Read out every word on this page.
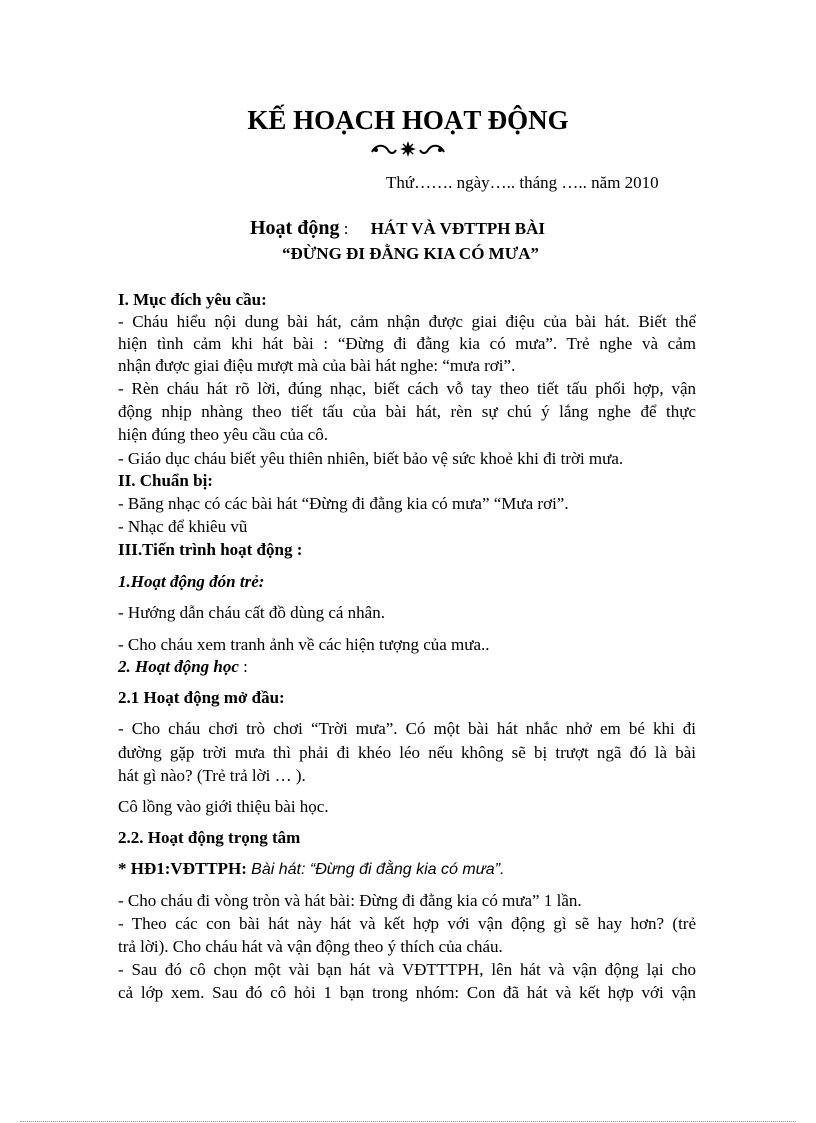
KẾ HOẠCH HOẠT ĐỘNG
Thứ……. ngày….. tháng ….. năm 2010
Hoạt động : HÁT VÀ VĐTTPH BÀI
“ĐỪNG ĐI ĐẰNG KIA CÓ MƯA”
I. Mục đích yêu cầu:
- Cháu hiểu nội dung bài hát, cảm nhận được giai điệu của bài hát. Biết thể
hiện tình cảm khi hát bài : “Đừng đi đằng kia có mưa”. Trẻ nghe và cảm
nhận được giai điệu mượt mà của bài hát nghe: “mưa rơi”.
- Rèn cháu hát rõ lời, đúng nhạc, biết cách vỗ tay theo tiết tấu phối hợp, vận
động nhịp nhàng theo tiết tấu của bài hát, rèn sự chú ý lắng nghe để thực
hiện đúng theo yêu cầu của cô.
- Giáo dục cháu biết yêu thiên nhiên, biết bảo vệ sức khoẻ khi đi trời mưa.
II. Chuẩn bị:
- Băng nhạc có các bài hát “Đừng đi đằng kia có mưa” “Mưa rơi”.
- Nhạc để khiêu vũ
III.Tiến trình hoạt động :
1.Hoạt động đón trẻ:
- Hướng dẫn cháu cất đồ dùng cá nhân.
- Cho cháu xem tranh ảnh về các hiện tượng của mưa..
2. Hoạt động học :
2.1 Hoạt động mở đầu:
- Cho cháu chơi trò chơi “Trời mưa”. Có một bài hát nhắc nhở em bé khi đi
đường gặp trời mưa thì phải đi khéo léo nếu không sẽ bị trượt ngã đó là bài
hát gì nào? (Trẻ trả lời … ).
Cô lồng vào giới thiệu bài học.
2.2. Hoạt động trọng tâm
* HĐ1:VĐTTPH: Bài hát: “Đừng đi đằng kia có mưa”.
- Cho cháu đi vòng tròn và hát bài: Đừng đi đằng kia có mưa” 1 lần.
- Theo các con bài hát này hát và kết hợp với vận động gì sẽ hay hơn? (trẻ
trả lời). Cho cháu hát và vận động theo ý thích của cháu.
- Sau đó cô chọn một vài bạn hát và VĐTTTPH, lên hát và vận động lại cho
cả lớp xem. Sau đó cô hỏi 1 bạn trong nhóm: Con đã hát và kết hợp với vận
